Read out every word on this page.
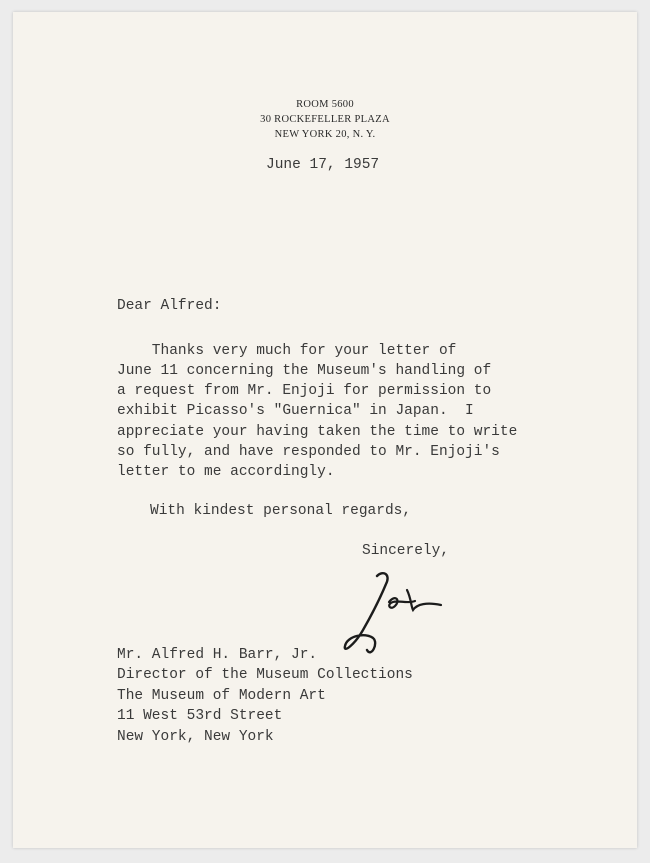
ROOM 5600
30 ROCKEFELLER PLAZA
NEW YORK 20, N. Y.
June 17, 1957
Dear Alfred:
Thanks very much for your letter of
June 11 concerning the Museum's handling of
a request from Mr. Enjoji for permission to
exhibit Picasso's "Guernica" in Japan.  I
appreciate your having taken the time to write
so fully, and have responded to Mr. Enjoji's
letter to me accordingly.
With kindest personal regards,
Sincerely,
Mr. Alfred H. Barr, Jr.
Director of the Museum Collections
The Museum of Modern Art
11 West 53rd Street
New York, New York
